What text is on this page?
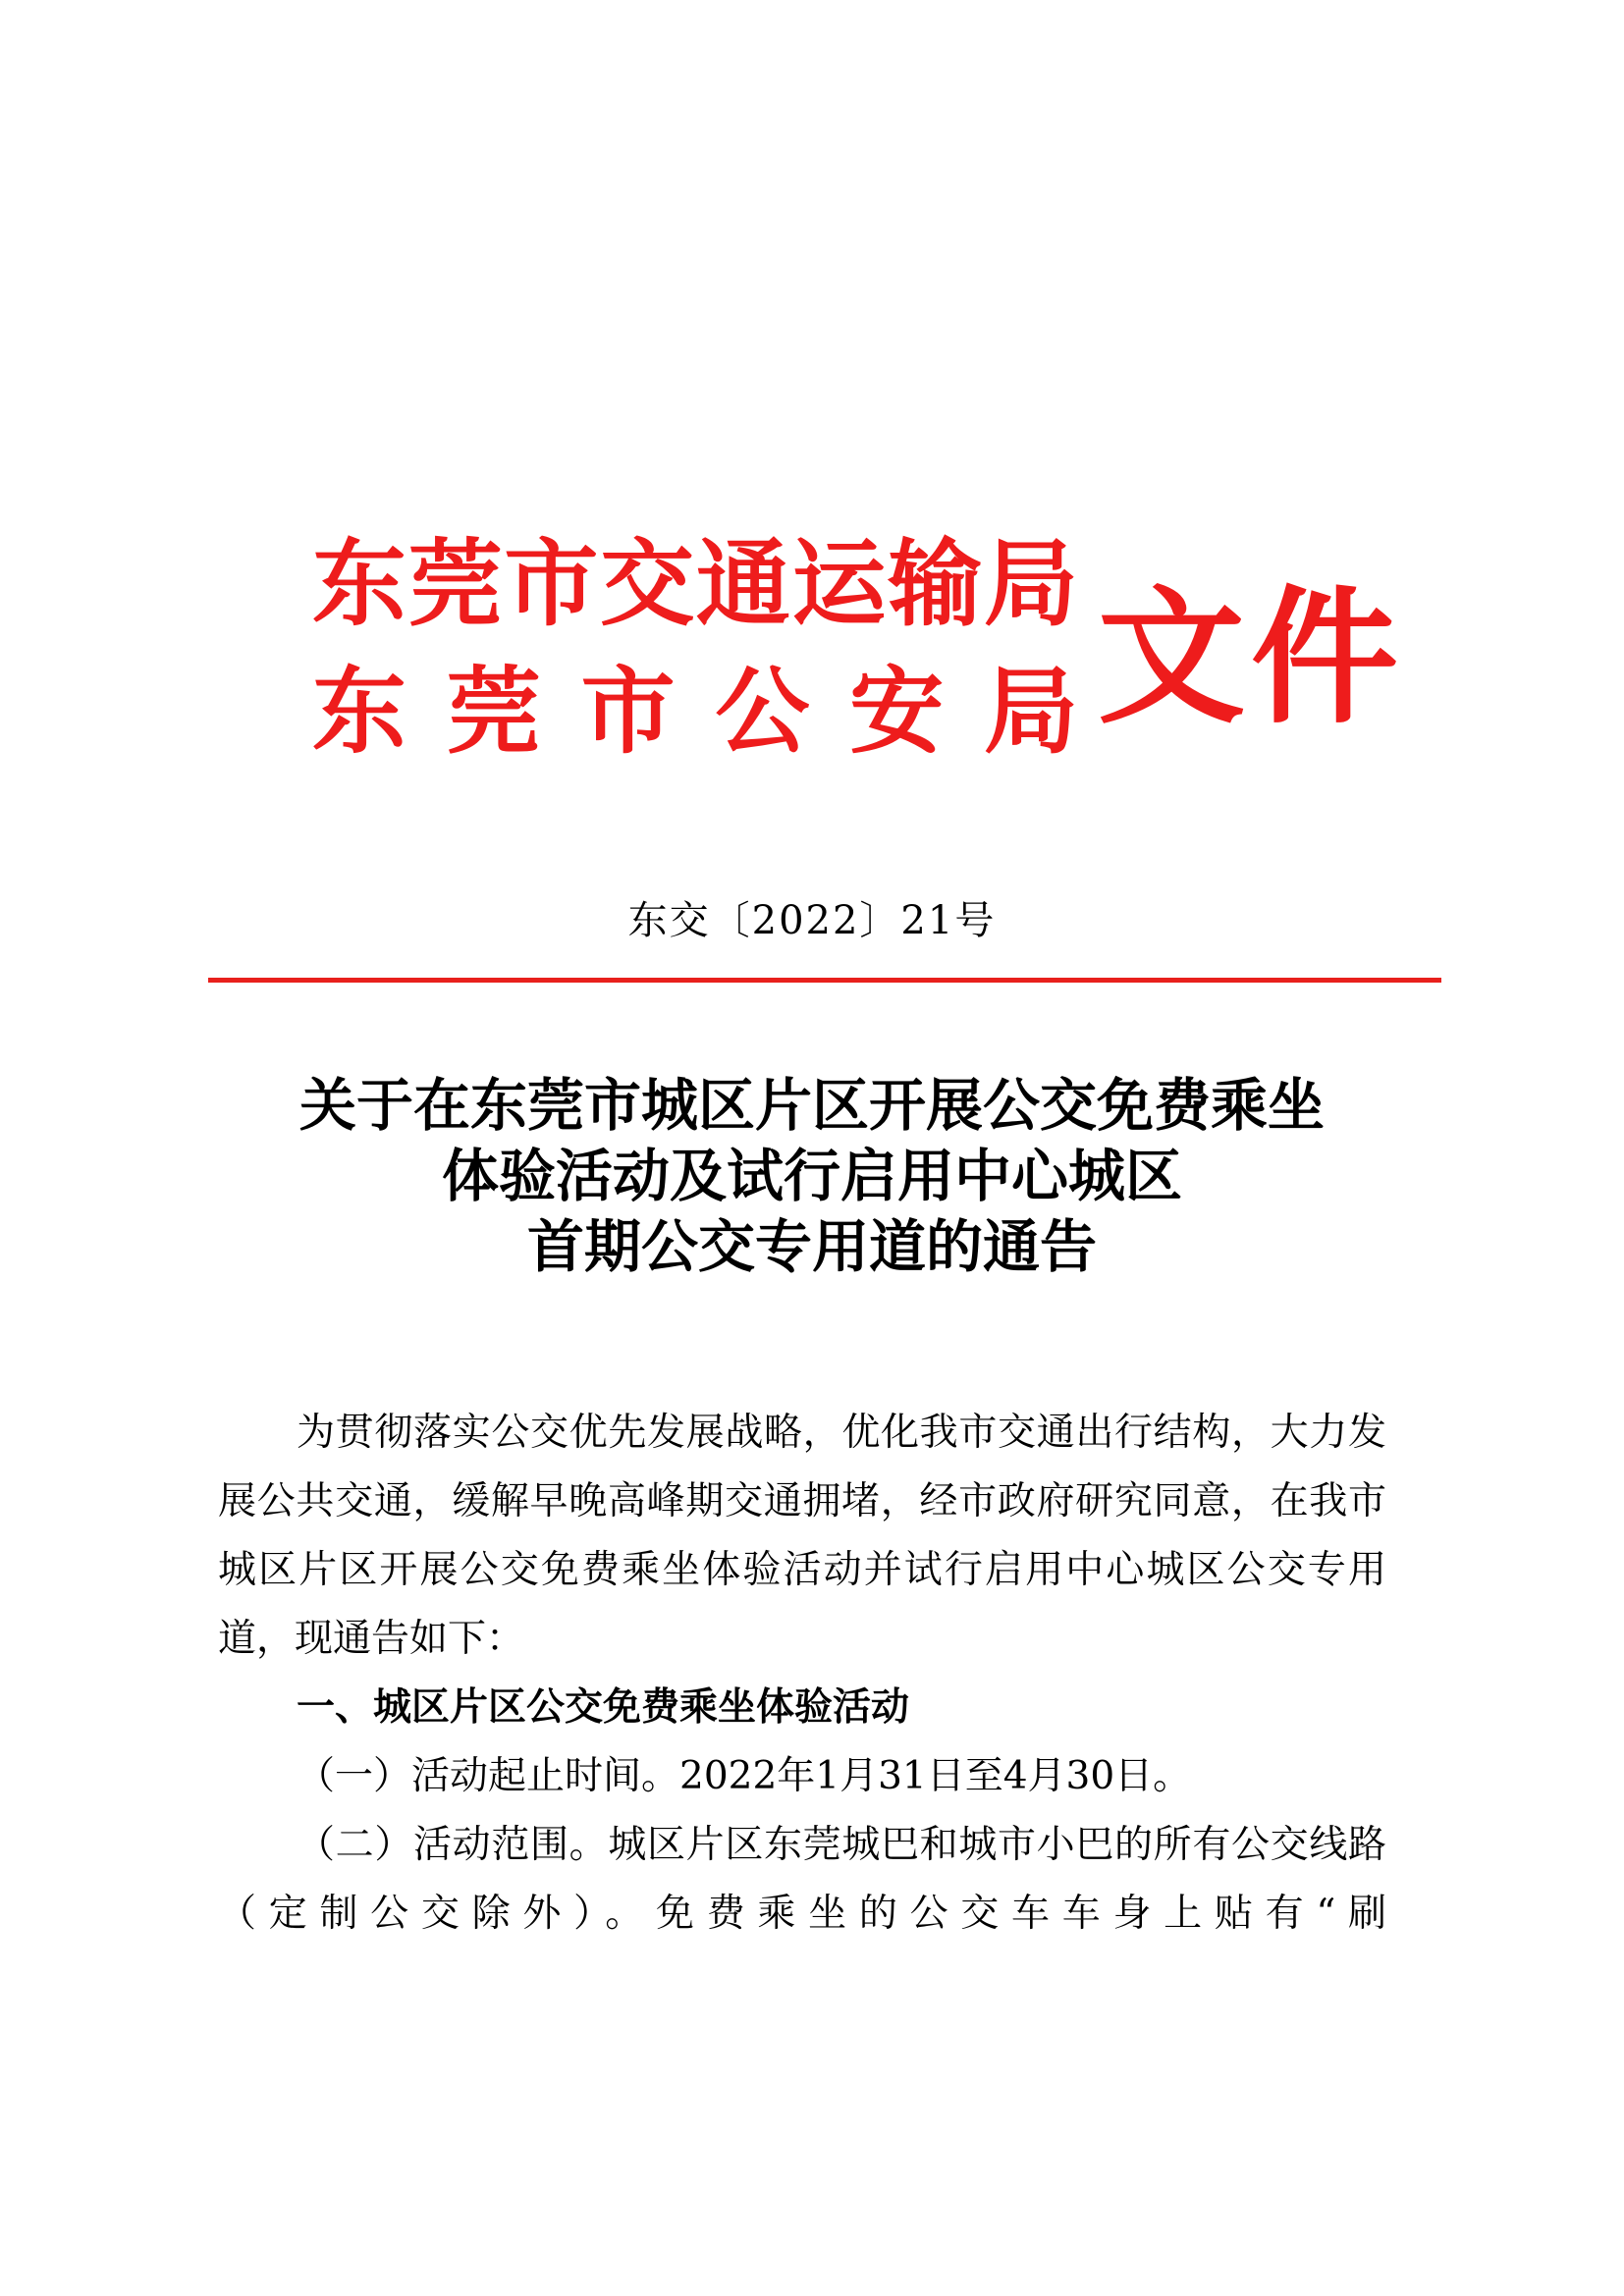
东 莞 市 交 通 运 输 局
东 莞 市 公 安 局 文件
东交〔2022〕21号
关于在东莞市城区片区开展公交免费乘坐
体验活动及试行启用中心城区
首期公交专用道的通告

为贯彻落实公交优先发展战略，优化我市交通出行结构，大力发展公共交通，缓解早晚高峰期交通拥堵，经市政府研究同意，在我市城区片区开展公交免费乘坐体验活动并试行启用中心城区公交专用道，现通告如下：

一、城区片区公交免费乘坐体验活动

（一）活动起止时间。2022年1月31日至4月30日。

（二）活动范围。城区片区东莞城巴和城市小巴的所有公交线路（定制公交除外）。免费乘坐的公交车车身上贴有“刷
